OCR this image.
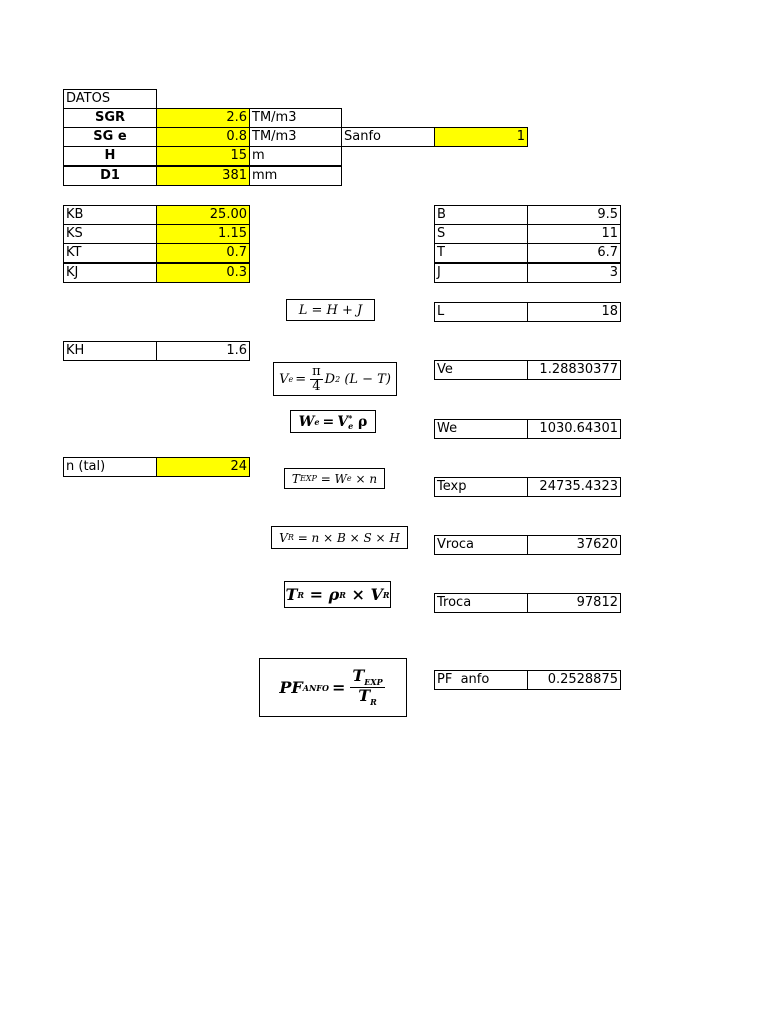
DATOS
SGR	2.6 TM/m3
SG e	0.8 TM/m3	Sanfo	1
H	15 m
D1	381 mm
KB	25.00
KS	1.15
KT	0.7
KJ	0.3
KH	1.6
n (tal)	24
B	9.5
S	11
T	6.7
J	3
L	18
Ve	1.28830377
We	1030.64301
Texp	24735.4323
Vroca	37620
Troca	97812
PF  anfo	0.2528875
L
= H + J
V $e = \frac{\pi}{4}$ D 2
(L − T)
W e = V *
e
ρ
T EXP
= W e
× n
V R
= n × B × S × H
T R
= ρ R
× V R
PF ANFO = $\frac{T_{EXP}}{T_R}$
